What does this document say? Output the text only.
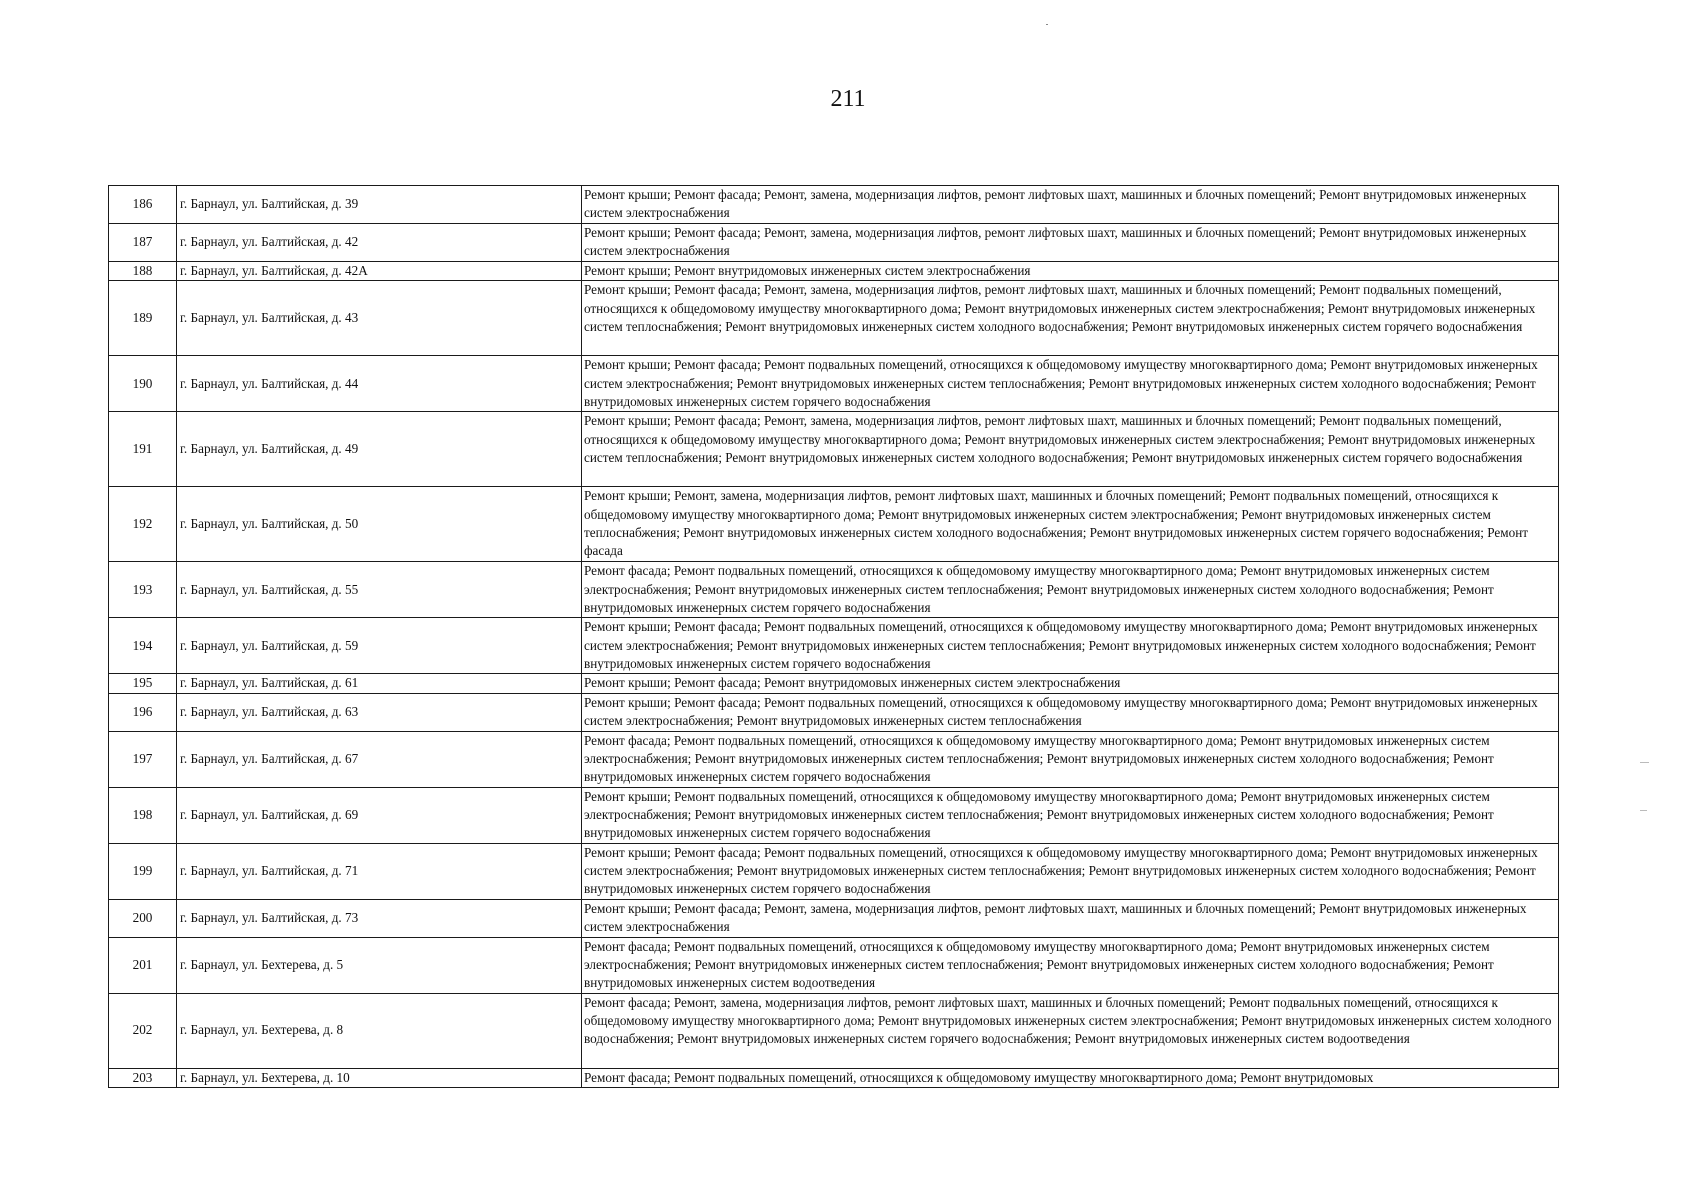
211
186	г. Барнаул, ул. Балтийская, д. 39	Ремонт крыши; Ремонт фасада; Ремонт, замена, модернизация лифтов, ремонт лифтовых шахт, машинных и блочных помещений; Ремонт внутридомовых инженерных систем электроснабжения
187	г. Барнаул, ул. Балтийская, д. 42	Ремонт крыши; Ремонт фасада; Ремонт, замена, модернизация лифтов, ремонт лифтовых шахт, машинных и блочных помещений; Ремонт внутридомовых инженерных систем электроснабжения
188	г. Барнаул, ул. Балтийская, д. 42А	Ремонт крыши; Ремонт внутридомовых инженерных систем электроснабжения
189	г. Барнаул, ул. Балтийская, д. 43	Ремонт крыши; Ремонт фасада; Ремонт, замена, модернизация лифтов, ремонт лифтовых шахт, машинных и блочных помещений; Ремонт подвальных помещений, относящихся к общедомовому имуществу многоквартирного дома; Ремонт внутридомовых инженерных систем электроснабжения; Ремонт внутридомовых инженерных систем теплоснабжения; Ремонт внутридомовых инженерных систем холодного водоснабжения; Ремонт внутридомовых инженерных систем горячего водоснабжения
190	г. Барнаул, ул. Балтийская, д. 44	Ремонт крыши; Ремонт фасада; Ремонт подвальных помещений, относящихся к общедомовому имуществу многоквартирного дома; Ремонт внутридомовых инженерных систем электроснабжения; Ремонт внутридомовых инженерных систем теплоснабжения; Ремонт внутридомовых инженерных систем холодного водоснабжения; Ремонт внутридомовых инженерных систем горячего водоснабжения
191	г. Барнаул, ул. Балтийская, д. 49	Ремонт крыши; Ремонт фасада; Ремонт, замена, модернизация лифтов, ремонт лифтовых шахт, машинных и блочных помещений; Ремонт подвальных помещений, относящихся к общедомовому имуществу многоквартирного дома; Ремонт внутридомовых инженерных систем электроснабжения; Ремонт внутридомовых инженерных систем теплоснабжения; Ремонт внутридомовых инженерных систем холодного водоснабжения; Ремонт внутридомовых инженерных систем горячего водоснабжения
192	г. Барнаул, ул. Балтийская, д. 50	Ремонт крыши; Ремонт, замена, модернизация лифтов, ремонт лифтовых шахт, машинных и блочных помещений; Ремонт подвальных помещений, относящихся к общедомовому имуществу многоквартирного дома; Ремонт внутридомовых инженерных систем электроснабжения; Ремонт внутридомовых инженерных систем теплоснабжения; Ремонт внутридомовых инженерных систем холодного водоснабжения; Ремонт внутридомовых инженерных систем горячего водоснабжения; Ремонт фасада
193	г. Барнаул, ул. Балтийская, д. 55	Ремонт фасада; Ремонт подвальных помещений, относящихся к общедомовому имуществу многоквартирного дома; Ремонт внутридомовых инженерных систем электроснабжения; Ремонт внутридомовых инженерных систем теплоснабжения; Ремонт внутридомовых инженерных систем холодного водоснабжения; Ремонт внутридомовых инженерных систем горячего водоснабжения
194	г. Барнаул, ул. Балтийская, д. 59	Ремонт крыши; Ремонт фасада; Ремонт подвальных помещений, относящихся к общедомовому имуществу многоквартирного дома; Ремонт внутридомовых инженерных систем электроснабжения; Ремонт внутридомовых инженерных систем теплоснабжения; Ремонт внутридомовых инженерных систем холодного водоснабжения; Ремонт внутридомовых инженерных систем горячего водоснабжения
195	г. Барнаул, ул. Балтийская, д. 61	Ремонт крыши; Ремонт фасада; Ремонт внутридомовых инженерных систем электроснабжения
196	г. Барнаул, ул. Балтийская, д. 63	Ремонт крыши; Ремонт фасада; Ремонт подвальных помещений, относящихся к общедомовому имуществу многоквартирного дома; Ремонт внутридомовых инженерных систем электроснабжения; Ремонт внутридомовых инженерных систем теплоснабжения
197	г. Барнаул, ул. Балтийская, д. 67	Ремонт фасада; Ремонт подвальных помещений, относящихся к общедомовому имуществу многоквартирного дома; Ремонт внутридомовых инженерных систем электроснабжения; Ремонт внутридомовых инженерных систем теплоснабжения; Ремонт внутридомовых инженерных систем холодного водоснабжения; Ремонт внутридомовых инженерных систем горячего водоснабжения
198	г. Барнаул, ул. Балтийская, д. 69	Ремонт крыши; Ремонт подвальных помещений, относящихся к общедомовому имуществу многоквартирного дома; Ремонт внутридомовых инженерных систем электроснабжения; Ремонт внутридомовых инженерных систем теплоснабжения; Ремонт внутридомовых инженерных систем холодного водоснабжения; Ремонт внутридомовых инженерных систем горячего водоснабжения
199	г. Барнаул, ул. Балтийская, д. 71	Ремонт крыши; Ремонт фасада; Ремонт подвальных помещений, относящихся к общедомовому имуществу многоквартирного дома; Ремонт внутридомовых инженерных систем электроснабжения; Ремонт внутридомовых инженерных систем теплоснабжения; Ремонт внутридомовых инженерных систем холодного водоснабжения; Ремонт внутридомовых инженерных систем горячего водоснабжения
200	г. Барнаул, ул. Балтийская, д. 73	Ремонт крыши; Ремонт фасада; Ремонт, замена, модернизация лифтов, ремонт лифтовых шахт, машинных и блочных помещений; Ремонт внутридомовых инженерных систем электроснабжения
201	г. Барнаул, ул. Бехтерева, д. 5	Ремонт фасада; Ремонт подвальных помещений, относящихся к общедомовому имуществу многоквартирного дома; Ремонт внутридомовых инженерных систем электроснабжения; Ремонт внутридомовых инженерных систем теплоснабжения; Ремонт внутридомовых инженерных систем холодного водоснабжения; Ремонт внутридомовых инженерных систем водоотведения
202	г. Барнаул, ул. Бехтерева, д. 8	Ремонт фасада; Ремонт, замена, модернизация лифтов, ремонт лифтовых шахт, машинных и блочных помещений; Ремонт подвальных помещений, относящихся к общедомовому имуществу многоквартирного дома; Ремонт внутридомовых инженерных систем электроснабжения; Ремонт внутридомовых инженерных систем холодного водоснабжения; Ремонт внутридомовых инженерных систем горячего водоснабжения; Ремонт внутридомовых инженерных систем водоотведения
203	г. Барнаул, ул. Бехтерева, д. 10	Ремонт фасада; Ремонт подвальных помещений, относящихся к общедомовому имуществу многоквартирного дома; Ремонт внутридомовых
